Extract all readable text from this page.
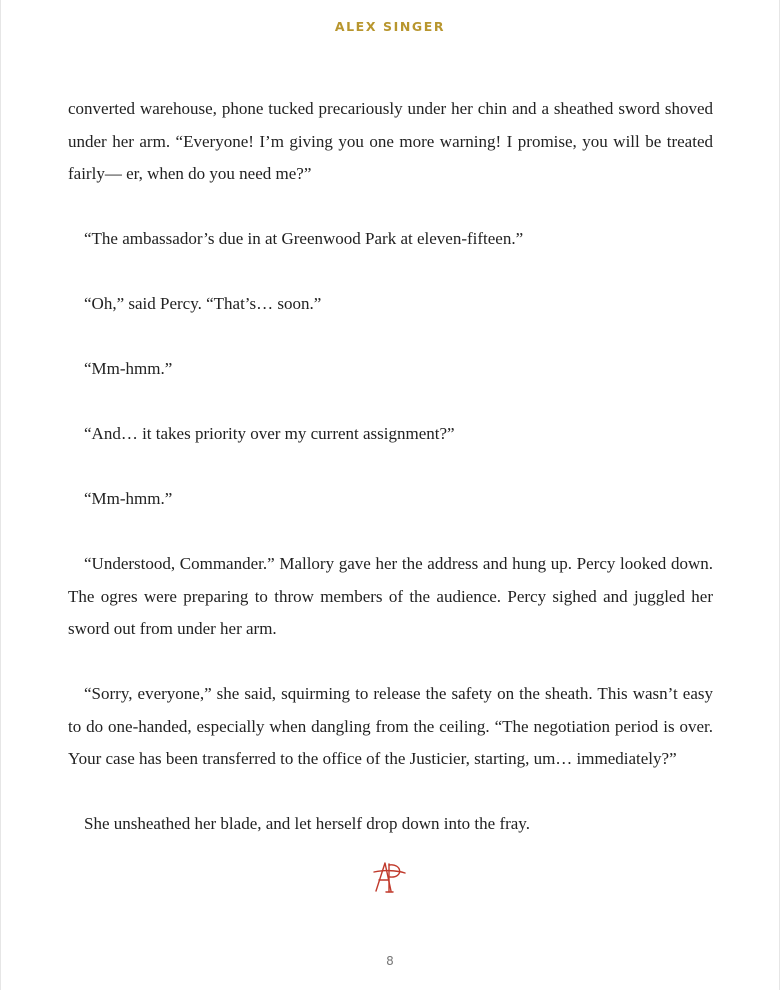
ALEX SINGER

converted warehouse, phone tucked precariously under her chin and a sheathed sword shoved under her arm. “Everyone! I’m giving you one more warning! I promise, you will be treated fairly— er, when do you need me?”

“The ambassador’s due in at Greenwood Park at eleven-fifteen.”

“Oh,” said Percy. “That’s… soon.”

“Mm-hmm.”

“And… it takes priority over my current assignment?”

“Mm-hmm.”

“Understood, Commander.” Mallory gave her the address and hung up. Percy looked down. The ogres were preparing to throw members of the audience. Percy sighed and juggled her sword out from under her arm.

“Sorry, everyone,” she said, squirming to release the safety on the sheath. This wasn’t easy to do one-handed, especially when dangling from the ceiling. “The negotiation period is over. Your case has been transferred to the office of the Justicier, starting, um… immediately?”

She unsheathed her blade, and let herself drop down into the fray.

8
